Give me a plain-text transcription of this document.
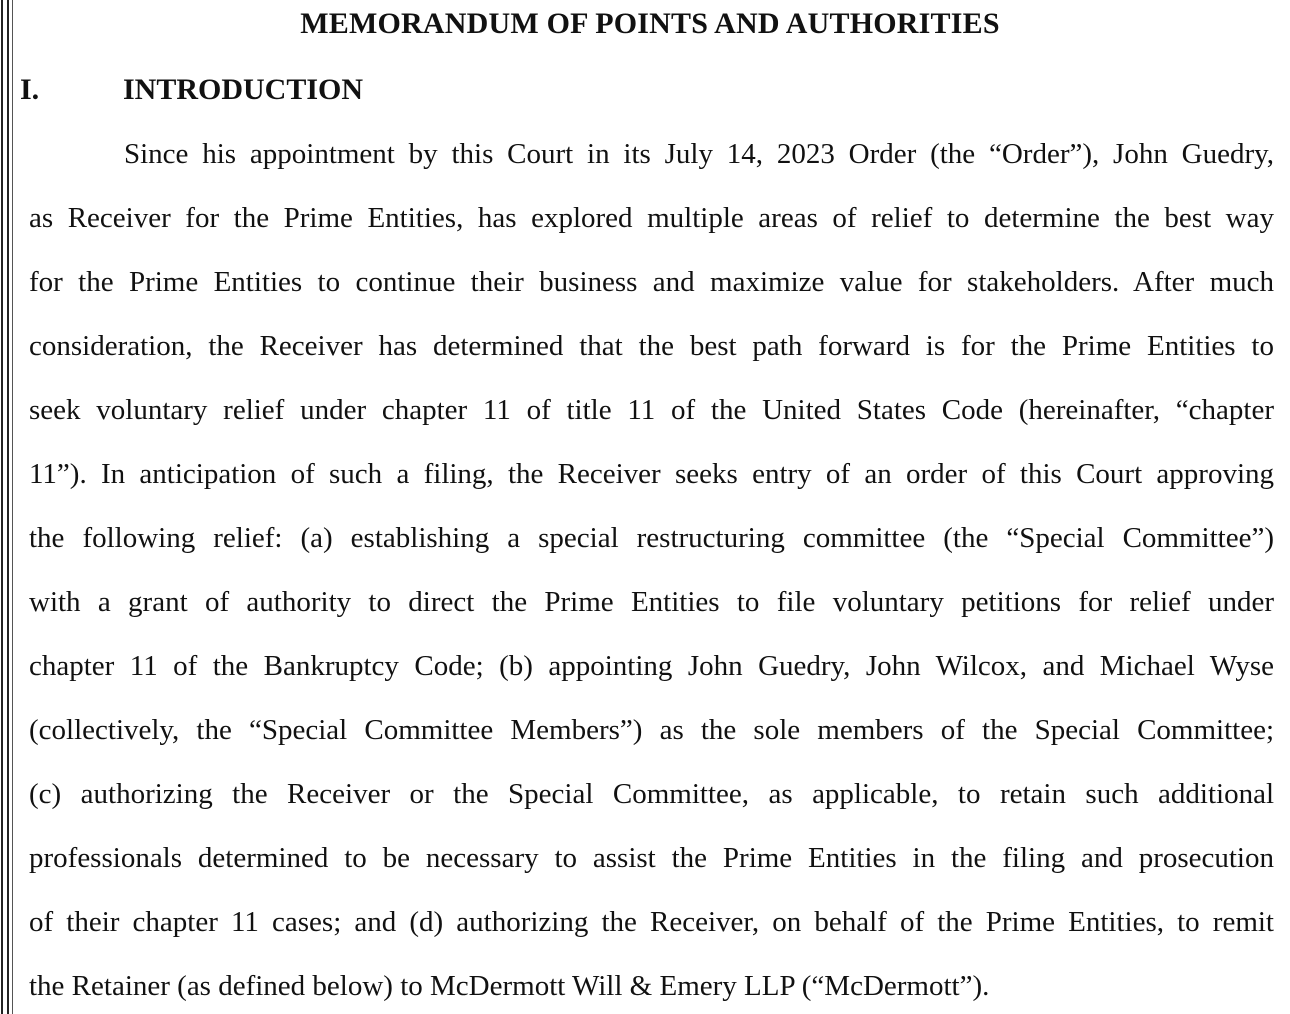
MEMORANDUM OF POINTS AND AUTHORITIES
I.	INTRODUCTION
Since his appointment by this Court in its July 14, 2023 Order (the “Order”), John Guedry,
as Receiver for the Prime Entities, has explored multiple areas of relief to determine the best way
for the Prime Entities to continue their business and maximize value for stakeholders. After much
consideration, the Receiver has determined that the best path forward is for the Prime Entities to
seek voluntary relief under chapter 11 of title 11 of the United States Code (hereinafter, “chapter
11”). In anticipation of such a filing, the Receiver seeks entry of an order of this Court approving
the following relief: (a) establishing a special restructuring committee (the “Special Committee”)
with a grant of authority to direct the Prime Entities to file voluntary petitions for relief under
chapter 11 of the Bankruptcy Code; (b) appointing John Guedry, John Wilcox, and Michael Wyse
(collectively, the “Special Committee Members”) as the sole members of the Special Committee;
(c) authorizing the Receiver or the Special Committee, as applicable, to retain such additional
professionals determined to be necessary to assist the Prime Entities in the filing and prosecution
of their chapter 11 cases; and (d) authorizing the Receiver, on behalf of the Prime Entities, to remit
the Retainer (as defined below) to McDermott Will & Emery LLP (“McDermott”).
